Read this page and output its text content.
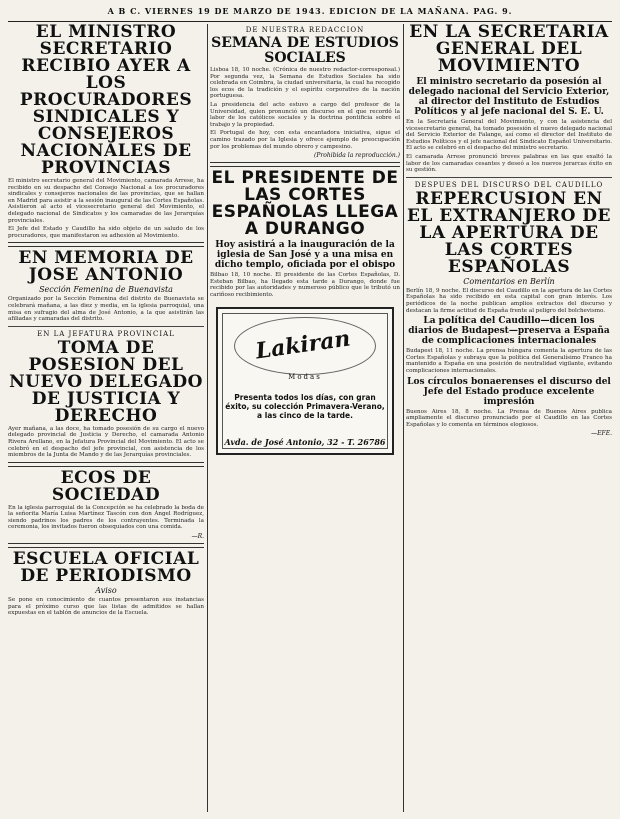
A B C. VIERNES 19 DE MARZO DE 1943. EDICION DE LA MAÑANA. PAG. 9.
EL MINISTRO SECRETARIO RECIBIO AYER A LOS PROCURADORES SINDICALES Y CONSEJEROS NACIONALES DE PROVINCIAS
El ministro secretario general del Movimiento, camarada Arrese, ha recibido en su despacho del Consejo Nacional a los procuradores sindicales y consejeros nacionales de las provincias, que se hallan en Madrid para asistir a la sesión inaugural de las Cortes Españolas. Asistieron al acto el vicesecretario general del Movimiento, el delegado nacional de Sindicatos y los camaradas de las Jerarquías provinciales.
El Jefe del Estado y Caudillo ha sido objeto de un saludo de los procuradores, que manifestaron su adhesión al Movimiento.
EN MEMORIA DE JOSE ANTONIO
Sección Femenina de Buenavista
Organizado por la Sección Femenina del distrito de Buenavista se celebrará mañana, a las diez y media, en la iglesia parroquial, una misa en sufragio del alma de José Antonio, a la que asistirán las afiliadas y camaradas del distrito.
EN LA JEFATURA PROVINCIAL
TOMA DE POSESION DEL NUEVO DELEGADO DE JUSTICIA Y DERECHO
Ayer mañana, a las doce, ha tomado posesión de su cargo el nuevo delegado provincial de Justicia y Derecho, el camarada Antonio Rivera Arellano, en la Jefatura Provincial del Movimiento. El acto se celebró en el despacho del jefe provincial, con asistencia de los miembros de la Junta de Mando y de las Jerarquías provinciales.
ECOS DE SOCIEDAD
En la iglesia parroquial de la Concepción se ha celebrado la boda de la señorita María Luisa Martínez Tascón con don Ángel Rodríguez, siendo padrinos los padres de los contrayentes. Terminada la ceremonia, los invitados fueron obsequiados con una comida.
—R.
ESCUELA OFICIAL DE PERIODISMO
Aviso
Se pone en conocimiento de cuantos presentaron sus instancias para el próximo curso que las listas de admitidos se hallan expuestas en el tablón de anuncios de la Escuela.
DE NUESTRA REDACCION
SEMANA DE ESTUDIOS SOCIALES
Lisboa 18, 10 noche. (Crónica de nuestro redactor-corresponsal.) Por segunda vez, la Semana de Estudios Sociales ha sido celebrada en Coimbra, la ciudad universitaria, la cual ha recogido los ecos de la tradición y el espíritu corporativo de la nación portuguesa.
La presidencia del acto estuvo a cargo del profesor de la Universidad, quien pronunció un discurso en el que recordó la labor de los católicos sociales y la doctrina pontificia sobre el trabajo y la propiedad.
El Portugal de hoy, con esta encantadora iniciativa, sigue el camino trazado por la Iglesia y ofrece ejemplo de preocupación por los problemas del mundo obrero y campesino.
(Prohibida la reproducción.)
EL PRESIDENTE DE LAS CORTES ESPAÑOLAS LLEGA A DURANGO
Hoy asistirá a la inauguración de la iglesia de San José y a una misa en dicho templo, oficiada por el obispo
Bilbao 18, 10 noche. El presidente de las Cortes Españolas, D. Esteban Bilbao, ha llegado esta tarde a Durango, donde fue recibido por las autoridades y numeroso público que le tributó un cariñoso recibimiento.
Lakiran
Modas
Presenta todos los días, con gran éxito, su colección Primavera-Verano, a las cinco de la tarde.
Avda. de José Antonio, 32 - T. 26786
EN LA SECRETARIA GENERAL DEL MOVIMIENTO
El ministro secretario da posesión al delegado nacional del Servicio Exterior, al director del Instituto de Estudios Políticos y al jefe nacional del S. E. U.
En la Secretaría General del Movimiento, y con la asistencia del vicesecretario general, ha tomado posesión el nuevo delegado nacional del Servicio Exterior de Falange, así como el director del Instituto de Estudios Políticos y el jefe nacional del Sindicato Español Universitario. El acto se celebró en el despacho del ministro secretario.
El camarada Arrese pronunció breves palabras en las que exaltó la labor de los camaradas cesantes y deseó a los nuevos jerarcas éxito en su gestión.
DESPUES DEL DISCURSO DEL CAUDILLO
REPERCUSION EN EL EXTRANJERO DE LA APERTURA DE LAS CORTES ESPAÑOLAS
Comentarios en Berlín
Berlín 18, 9 noche. El discurso del Caudillo en la apertura de las Cortes Españolas ha sido recibido en esta capital con gran interés. Los periódicos de la noche publican amplios extractos del discurso y destacan la firme actitud de España frente al peligro del bolchevismo.
La política del Caudillo—dicen los diarios de Budapest—preserva a España de complicaciones internacionales
Budapest 18, 11 noche. La prensa húngara comenta la apertura de las Cortes Españolas y subraya que la política del Generalísimo Franco ha mantenido a España en una posición de neutralidad vigilante, evitando complicaciones internacionales.
Los círculos bonaerenses el discurso del Jefe del Estado produce excelente impresión
Buenos Aires 18, 8 noche. La Prensa de Buenos Aires publica ampliamente el discurso pronunciado por el Caudillo en las Cortes Españolas y lo comenta en términos elogiosos.
—EFE.
